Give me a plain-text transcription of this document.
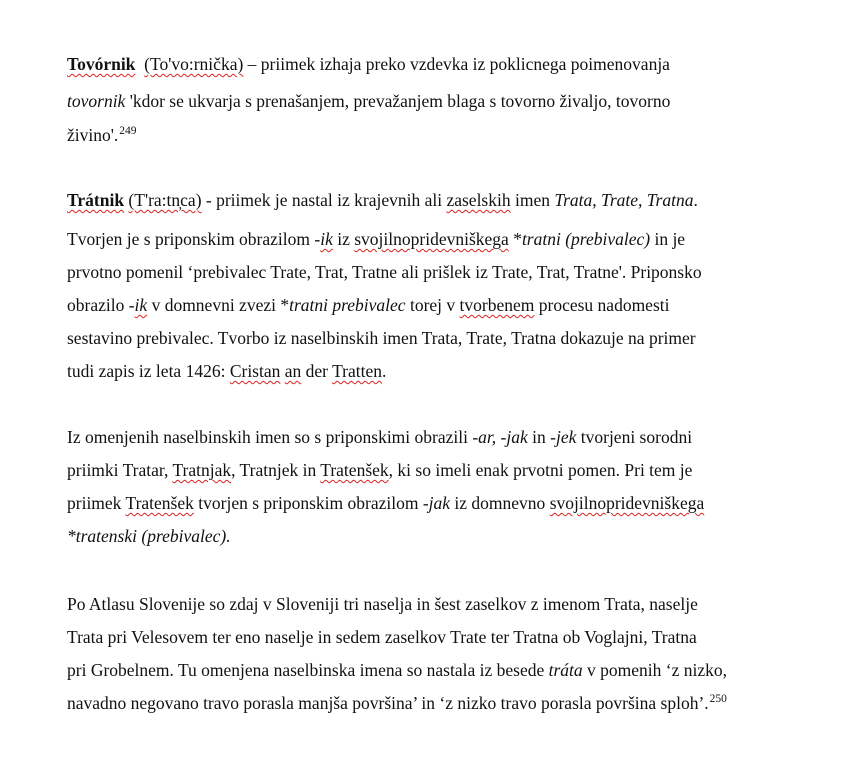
Tovórnik (To'vo:rnička) – priimek izhaja preko vzdevka iz poklicnega poimenovanja
tovornik 'kdor se ukvarja s prenašanjem, prevažanjem blaga s tovorno živaljo, tovorno
živino'.$^{249}$
Trátnik (T'ra:tn̦ca) - priimek je nastal iz krajevnih ali zaselskih imen Trata, Trate, Tratna.
Tvorjen je s priponskim obrazilom -ik iz svojilnopridevniškega *tratni (prebivalec) in je
prvotno pomenil ‘prebivalec Trate, Trat, Tratne ali prišlek iz Trate, Trat, Tratne'. Priponsko
obrazilo -ik v domnevni zvezi *tratni prebivalec torej v tvorbenem procesu nadomesti
sestavino prebivalec. Tvorbo iz naselbinskih imen Trata, Trate, Tratna dokazuje na primer
tudi zapis iz leta 1426: Cristan an der Tratten.
Iz omenjenih naselbinskih imen so s priponskimi obrazili -ar, -jak in -jek tvorjeni sorodni
priimki Tratar, Tratnjak, Tratnjek in Tratenšek, ki so imeli enak prvotni pomen. Pri tem je
priimek Tratenšek tvorjen s priponskim obrazilom -jak iz domnevno svojilnopridevniškega
*tratenski (prebivalec).
Po Atlasu Slovenije so zdaj v Sloveniji tri naselja in šest zaselkov z imenom Trata, naselje
Trata pri Velesovem ter eno naselje in sedem zaselkov Trate ter Tratna ob Voglajni, Tratna
pri Grobelnem. Tu omenjena naselbinska imena so nastala iz besede tráta v pomenih ‘z nizko,
navadno negovano travo porasla manjša površina’ in ‘z nizko travo porasla površina sploh’.$^{250}$
